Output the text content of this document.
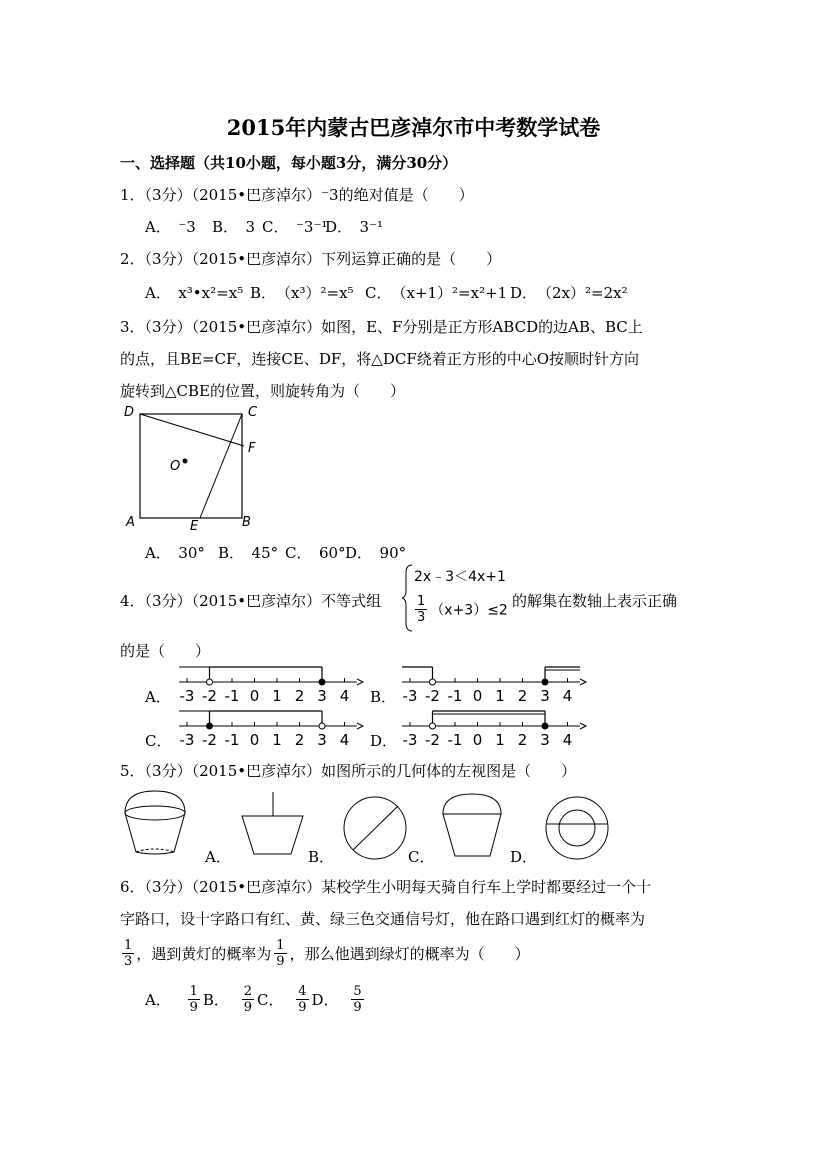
2015年内蒙古巴彦淖尔市中考数学试卷
一、选择题（共10小题，每小题3分，满分30分）
1．（3分）（2015•巴彦淖尔）⁻3的绝对值是（　　）
A．　⁻3 B．　3 C．　⁻3⁻¹
D．　3⁻¹
2．（3分）（2015•巴彦淖尔）下列运算正确的是（　　）
A．　x³•x²=x⁵ B．　（x³）²=x⁵ C．　（x+1）²=x²+1 D．　（2x）²=2x²
3．（3分）（2015•巴彦淖尔）如图，E、F分别是正方形ABCD的边AB、BC上
的点，且BE=CF，连接CE、DF，将△DCF绕着正方形的中心O按顺时针方向
旋转到△CBE的位置，则旋转角为（　　）
D	C
F
O
A	E	B
A．　30° B．　45° C．　60° D．　90°
4．（3分）（2015•巴彦淖尔）不等式组
2x﹣3＜4x+1
$\frac{1}{3} (x+3)\le 2$
的解集在数轴上表示正确
的是（　　）
A．	B．
C．	D．
-3 -2 -1 0 1 2 3 4	-3 -2 -1 0 1 2 3 4
-3 -2 -1 0 1 2 3 4	-3 -2 -1 0 1 2 3 4
5．（3分）（2015•巴彦淖尔）如图所示的几何体的左视图是（　　）
A．	B．	C．	D．
6．（3分）（2015•巴彦淖尔）某校学生小明每天骑自行车上学时都要经过一个十
字路口，设十字路口有红、黄、绿三色交通信号灯，他在路口遇到红灯的概率为
$\frac{1}{3}$ ，遇到黄灯的概率为 $\frac{1}{9}$ ，那么他遇到绿灯的概率为（　　）
A． $\frac{1}{9}$ B． $\frac{2}{9}$ C． $\frac{4}{9}$ D． $\frac{5}{9}$
